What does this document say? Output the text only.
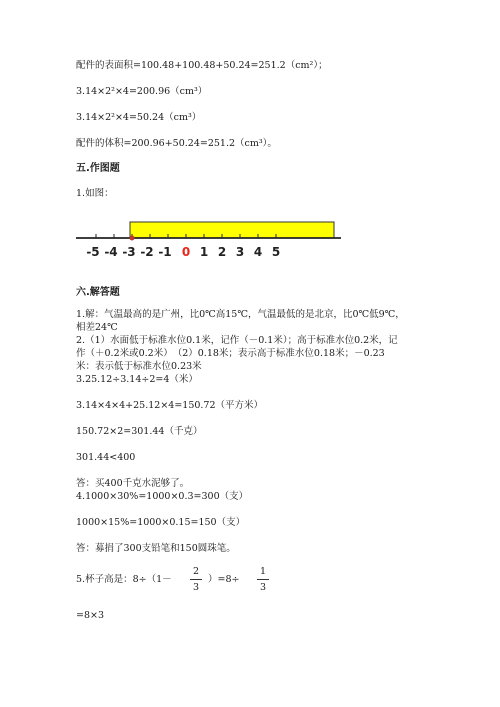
配件的表面积=100.48+100.48+50.24=251.2（cm²）；
3.14×2²×4=200.96（cm³）
3.14×2²×4=50.24（cm³）
配件的体积=200.96+50.24=251.2（cm³）。
五.作图题
1.如图：
-5 -4 -3 -2 -1 0 1 2 3 4 5
六.解答题
1.解：气温最高的是广州，比0℃高15℃，气温最低的是北京，比0℃低9℃，
相差24℃
2.（1）水面低于标准水位0.1米，记作（－0.1米）；高于标准水位0.2米，记
作（＋0.2米或0.2米）　（2）0.18米；表示高于标准水位0.18米；－0.23
米：表示低于标准水位0.23米
3.25.12÷3.14÷2=4（米）
3.14×4×4+25.12×4=150.72（平方米）
150.72×2=301.44（千克）
301.44<400
答：买400千克水泥够了。
4.1000×30%=1000×0.3=300（支）
1000×15%=1000×0.15=150（支）
答：募捐了300支铅笔和150圆珠笔。
5.杯子高是：8÷（1－
2
3
）=8÷
1
3
=8×3
